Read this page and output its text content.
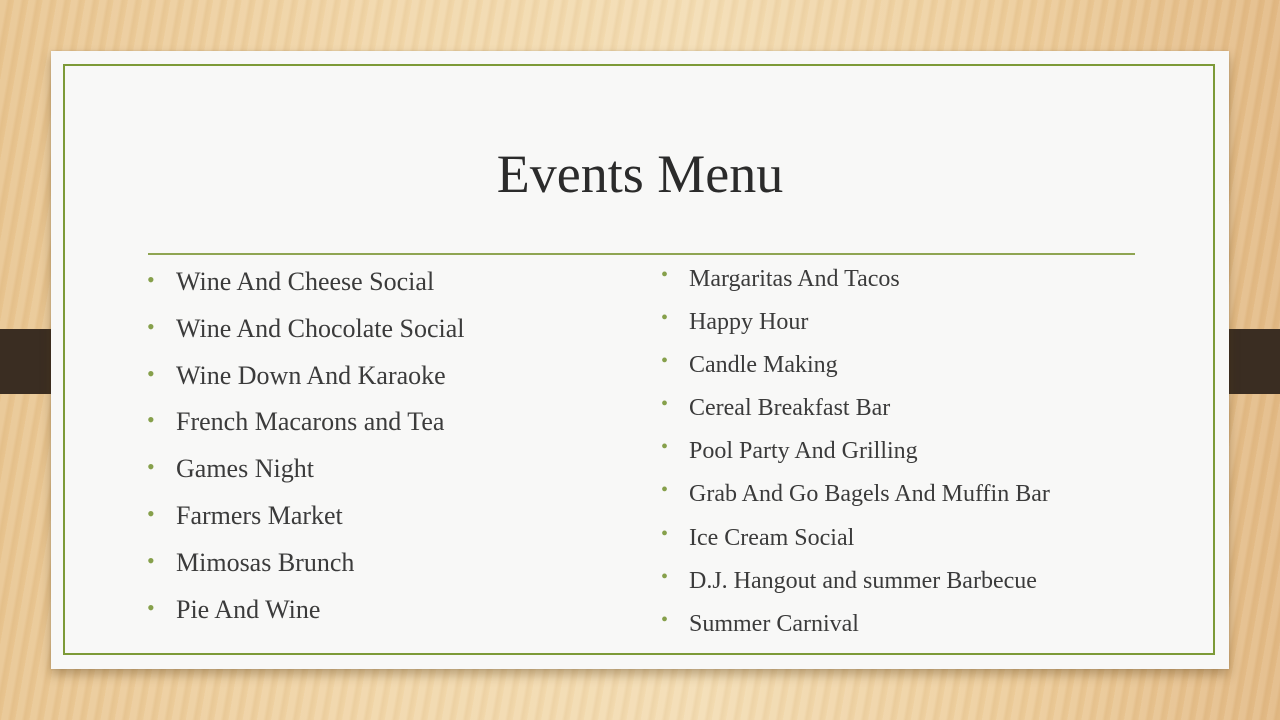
Events Menu
• Wine And Cheese Social
• Wine And Chocolate Social
• Wine Down And Karaoke
• French Macarons and Tea
• Games Night
• Farmers Market
• Mimosas Brunch
• Pie And Wine
• Margaritas And Tacos
• Happy Hour
• Candle Making
• Cereal Breakfast Bar
• Pool Party And Grilling
• Grab And Go Bagels And Muffin Bar
• Ice Cream Social
• D.J. Hangout and summer Barbecue
• Summer Carnival
